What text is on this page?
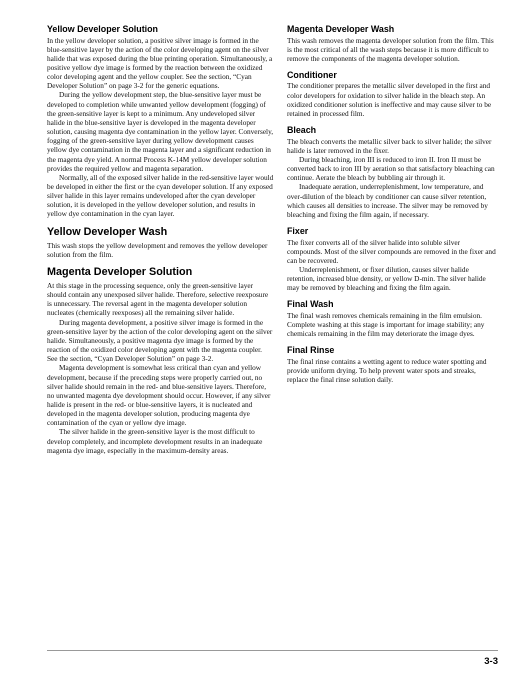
Yellow Developer Solution

In the yellow developer solution, a positive silver image is formed in the blue-sensitive layer by the action of the color developing agent on the silver halide that was exposed during the blue printing operation. Simultaneously, a positive yellow dye image is formed by the reaction between the oxidized color developing agent and the yellow coupler. See the section, “Cyan Developer Solution” on page 3-2 for the generic equations.

During the yellow development step, the blue-sensitive layer must be developed to completion while unwanted yellow development (fogging) of the green-sensitive layer is kept to a minimum. Any undeveloped silver halide in the blue-sensitive layer is developed in the magenta developer solution, causing magenta dye contamination in the yellow layer. Conversely, fogging of the green-sensitive layer during yellow development causes yellow dye contamination in the magenta layer and a significant reduction in the magenta dye yield. A normal Process K-14M yellow developer solution provides the required yellow and magenta separation.

Normally, all of the exposed silver halide in the red-sensitive layer would be developed in either the first or the cyan developer solution. If any exposed silver halide in this layer remains undeveloped after the cyan developer solution, it is developed in the yellow developer solution, and results in yellow dye contamination in the cyan layer.

Yellow Developer Wash

This wash stops the yellow development and removes the yellow developer solution from the film.

Magenta Developer Solution

At this stage in the processing sequence, only the green-sensitive layer should contain any unexposed silver halide. Therefore, selective reexposure is unnecessary. The reversal agent in the magenta developer solution nucleates (chemically reexposes) all the remaining silver halide.

During magenta development, a positive silver image is formed in the green-sensitive layer by the action of the color developing agent on the silver halide. Simultaneously, a positive magenta dye image is formed by the reaction of the oxidized color developing agent with the magenta coupler. See the section, “Cyan Developer Solution” on page 3-2.

Magenta development is somewhat less critical than cyan and yellow development, because if the preceding steps were properly carried out, no silver halide should remain in the red- and blue-sensitive layers. Therefore, no unwanted magenta dye development should occur. However, if any silver halide is present in the red- or blue-sensitive layers, it is nucleated and developed in the magenta developer solution, producing magenta dye contamination of the cyan or yellow dye image.

The silver halide in the green-sensitive layer is the most difficult to develop completely, and incomplete development results in an inadequate magenta dye image, especially in the maximum-density areas.

Magenta Developer Wash

This wash removes the magenta developer solution from the film. This is the most critical of all the wash steps because it is more difficult to remove the components of the magenta developer solution.

Conditioner

The conditioner prepares the metallic silver developed in the first and color developers for oxidation to silver halide in the bleach step. An oxidized conditioner solution is ineffective and may cause silver to be retained in processed film.

Bleach

The bleach converts the metallic silver back to silver halide; the silver halide is later removed in the fixer.

During bleaching, iron III is reduced to iron II. Iron II must be converted back to iron III by aeration so that satisfactory bleaching can continue. Aerate the bleach by bubbling air through it.

Inadequate aeration, underreplenishment, low temperature, and over-dilution of the bleach by conditioner can cause silver retention, which causes all densities to increase. The silver may be removed by bleaching and fixing the film again, if necessary.

Fixer

The fixer converts all of the silver halide into soluble silver compounds. Most of the silver compounds are removed in the fixer and can be recovered.

Underreplenishment, or fixer dilution, causes silver halide retention, increased blue density, or yellow D-min. The silver halide may be removed by bleaching and fixing the film again.

Final Wash

The final wash removes chemicals remaining in the film emulsion. Complete washing at this stage is important for image stability; any chemicals remaining in the film may deteriorate the image dyes.

Final Rinse

The final rinse contains a wetting agent to reduce water spotting and provide uniform drying. To help prevent water spots and streaks, replace the final rinse solution daily.

3-3
